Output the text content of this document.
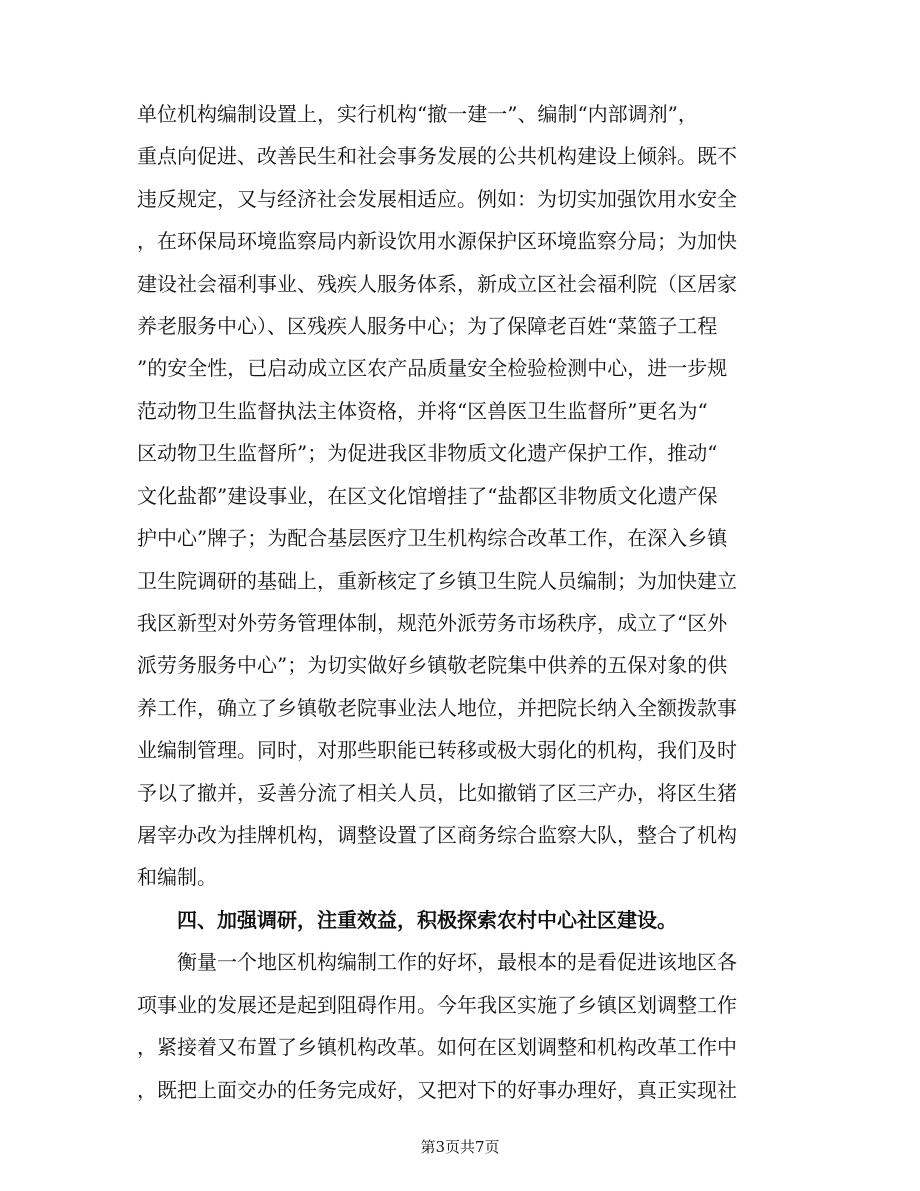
单位机构编制设置上，实行机构“撤一建一”、编制“内部调剂”，

重点向促进、改善民生和社会事务发展的公共机构建设上倾斜。既不

违反规定，又与经济社会发展相适应。例如：为切实加强饮用水安全

，在环保局环境监察局内新设饮用水源保护区环境监察分局；为加快

建设社会福利事业、残疾人服务体系，新成立区社会福利院（区居家

养老服务中心）、区残疾人服务中心；为了保障老百姓“菜篮子工程

”的安全性，已启动成立区农产品质量安全检验检测中心，进一步规

范动物卫生监督执法主体资格，并将“区兽医卫生监督所”更名为“

区动物卫生监督所”；为促进我区非物质文化遗产保护工作，推动“

文化盐都”建设事业，在区文化馆增挂了“盐都区非物质文化遗产保

护中心”牌子；为配合基层医疗卫生机构综合改革工作，在深入乡镇

卫生院调研的基础上，重新核定了乡镇卫生院人员编制；为加快建立

我区新型对外劳务管理体制，规范外派劳务市场秩序，成立了“区外

派劳务服务中心”；为切实做好乡镇敬老院集中供养的五保对象的供

养工作，确立了乡镇敬老院事业法人地位，并把院长纳入全额拨款事

业编制管理。同时，对那些职能已转移或极大弱化的机构，我们及时

予以了撤并，妥善分流了相关人员，比如撤销了区三产办，将区生猪

屠宰办改为挂牌机构，调整设置了区商务综合监察大队，整合了机构

和编制。

四、加强调研，注重效益，积极探索农村中心社区建设。

衡量一个地区机构编制工作的好坏，最根本的是看促进该地区各

项事业的发展还是起到阻碍作用。今年我区实施了乡镇区划调整工作

，紧接着又布置了乡镇机构改革。如何在区划调整和机构改革工作中

，既把上面交办的任务完成好，又把对下的好事办理好，真正实现社

第3页共7页
